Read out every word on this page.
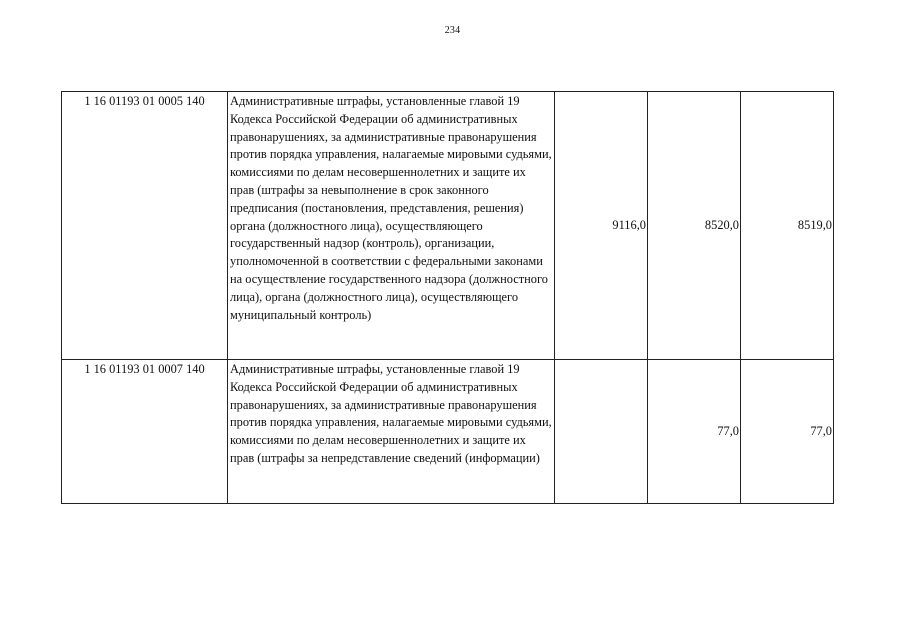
234
1 16 01193 01 0005 140	Административные штрафы, установленные главой 19 Кодекса Российской Федерации об административных правонарушениях, за административные правонарушения против порядка управления, налагаемые мировыми судьями, комиссиями по делам несовершеннолетних и защите их прав (штрафы за невыполнение в срок законного предписания (постановления, представления, решения) органа (должностного лица), осуществляющего государственный надзор (контроль), организации, уполномоченной в соответствии с федеральными законами на осуществление государственного надзора (должностного лица), органа (должностного лица), осуществляющего муниципальный контроль)	9116,0	8520,0	8519,0
1 16 01193 01 0007 140	Административные штрафы, установленные главой 19 Кодекса Российской Федерации об административных правонарушениях, за административные правонарушения против порядка управления, налагаемые мировыми судьями, комиссиями по делам несовершеннолетних и защите их прав (штрафы за непредставление сведений (информации)		77,0	77,0
